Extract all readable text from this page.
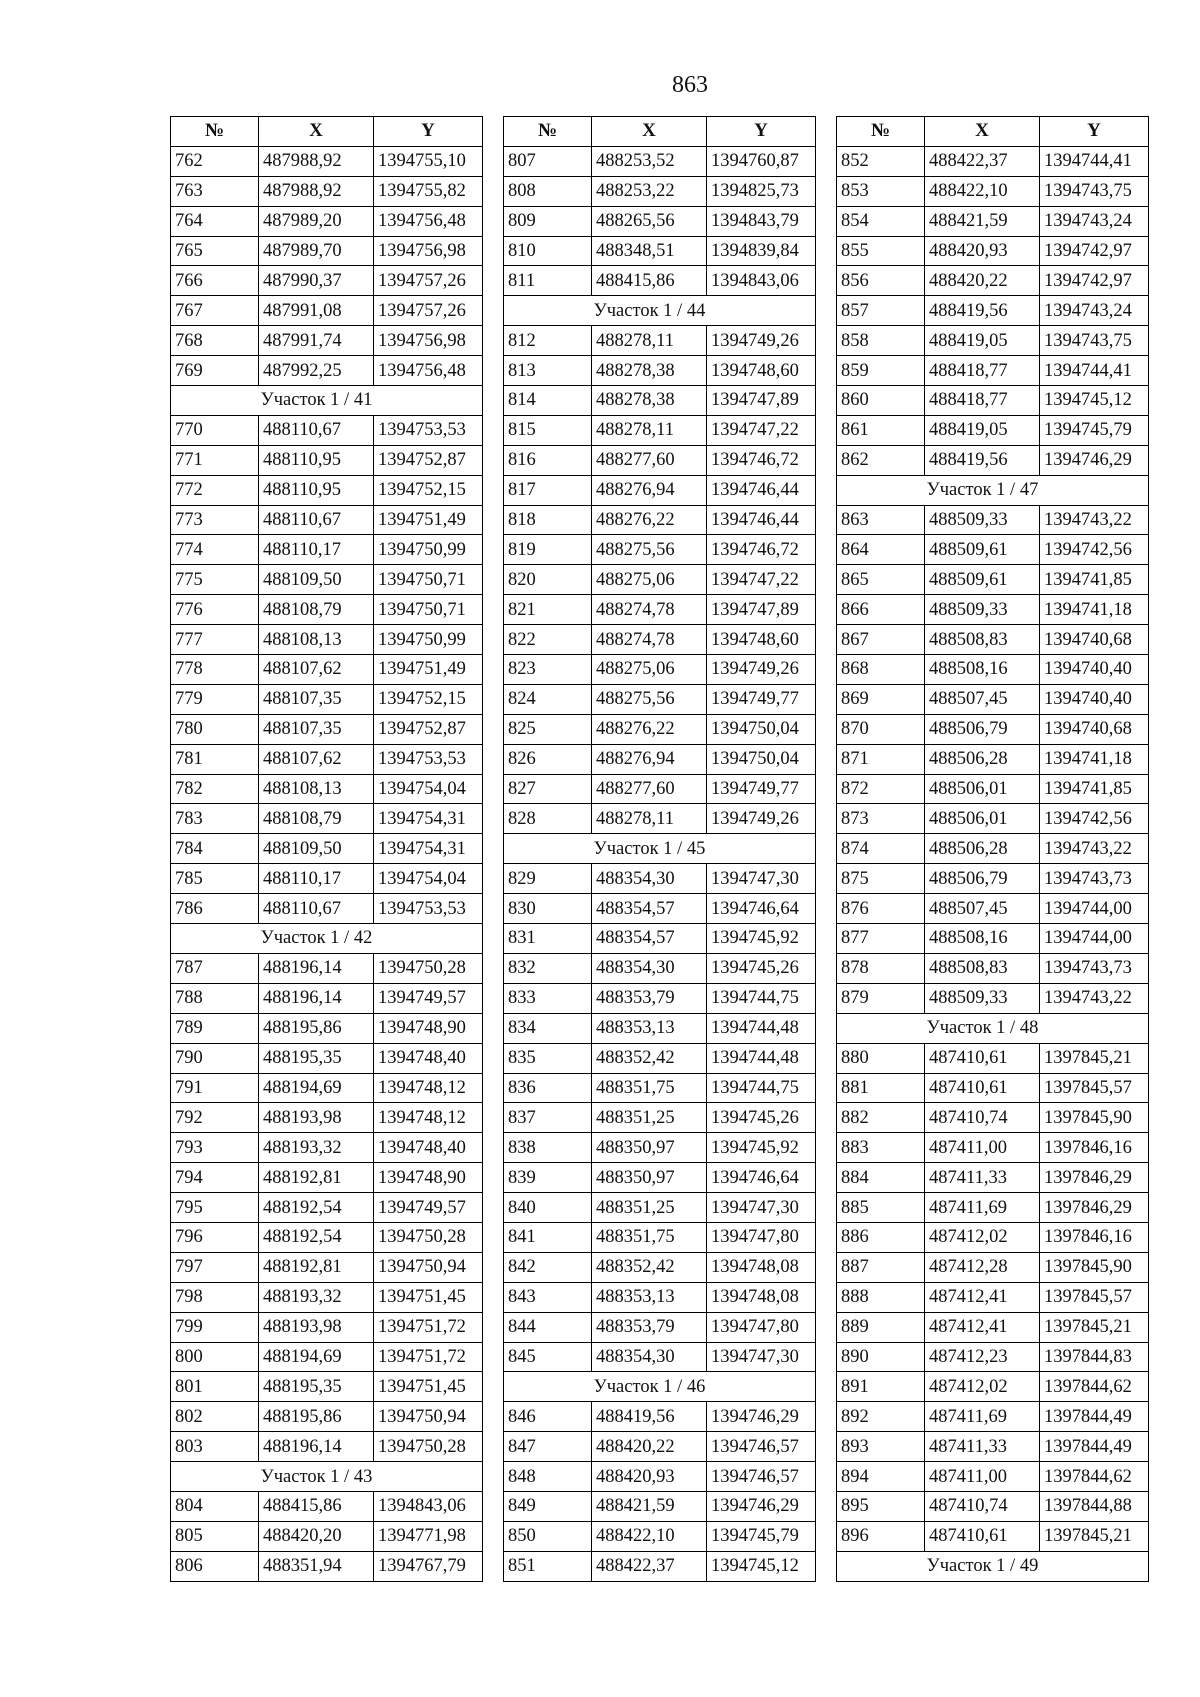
863
№	X	Y
762	487988,92	1394755,10
763	487988,92	1394755,82
764	487989,20	1394756,48
765	487989,70	1394756,98
766	487990,37	1394757,26
767	487991,08	1394757,26
768	487991,74	1394756,98
769	487992,25	1394756,48
Участок 1 / 41		
770	488110,67	1394753,53
771	488110,95	1394752,87
772	488110,95	1394752,15
773	488110,67	1394751,49
774	488110,17	1394750,99
775	488109,50	1394750,71
776	488108,79	1394750,71
777	488108,13	1394750,99
778	488107,62	1394751,49
779	488107,35	1394752,15
780	488107,35	1394752,87
781	488107,62	1394753,53
782	488108,13	1394754,04
783	488108,79	1394754,31
784	488109,50	1394754,31
785	488110,17	1394754,04
786	488110,67	1394753,53
Участок 1 / 42		
787	488196,14	1394750,28
788	488196,14	1394749,57
789	488195,86	1394748,90
790	488195,35	1394748,40
791	488194,69	1394748,12
792	488193,98	1394748,12
793	488193,32	1394748,40
794	488192,81	1394748,90
795	488192,54	1394749,57
796	488192,54	1394750,28
797	488192,81	1394750,94
798	488193,32	1394751,45
799	488193,98	1394751,72
800	488194,69	1394751,72
801	488195,35	1394751,45
802	488195,86	1394750,94
803	488196,14	1394750,28
Участок 1 / 43		
804	488415,86	1394843,06
805	488420,20	1394771,98
806	488351,94	1394767,79
№	X	Y
807	488253,52	1394760,87
808	488253,22	1394825,73
809	488265,56	1394843,79
810	488348,51	1394839,84
811	488415,86	1394843,06
Участок 1 / 44		
812	488278,11	1394749,26
813	488278,38	1394748,60
814	488278,38	1394747,89
815	488278,11	1394747,22
816	488277,60	1394746,72
817	488276,94	1394746,44
818	488276,22	1394746,44
819	488275,56	1394746,72
820	488275,06	1394747,22
821	488274,78	1394747,89
822	488274,78	1394748,60
823	488275,06	1394749,26
824	488275,56	1394749,77
825	488276,22	1394750,04
826	488276,94	1394750,04
827	488277,60	1394749,77
828	488278,11	1394749,26
Участок 1 / 45		
829	488354,30	1394747,30
830	488354,57	1394746,64
831	488354,57	1394745,92
832	488354,30	1394745,26
833	488353,79	1394744,75
834	488353,13	1394744,48
835	488352,42	1394744,48
836	488351,75	1394744,75
837	488351,25	1394745,26
838	488350,97	1394745,92
839	488350,97	1394746,64
840	488351,25	1394747,30
841	488351,75	1394747,80
842	488352,42	1394748,08
843	488353,13	1394748,08
844	488353,79	1394747,80
845	488354,30	1394747,30
Участок 1 / 46		
846	488419,56	1394746,29
847	488420,22	1394746,57
848	488420,93	1394746,57
849	488421,59	1394746,29
850	488422,10	1394745,79
851	488422,37	1394745,12
№	X	Y
852	488422,37	1394744,41
853	488422,10	1394743,75
854	488421,59	1394743,24
855	488420,93	1394742,97
856	488420,22	1394742,97
857	488419,56	1394743,24
858	488419,05	1394743,75
859	488418,77	1394744,41
860	488418,77	1394745,12
861	488419,05	1394745,79
862	488419,56	1394746,29
Участок 1 / 47		
863	488509,33	1394743,22
864	488509,61	1394742,56
865	488509,61	1394741,85
866	488509,33	1394741,18
867	488508,83	1394740,68
868	488508,16	1394740,40
869	488507,45	1394740,40
870	488506,79	1394740,68
871	488506,28	1394741,18
872	488506,01	1394741,85
873	488506,01	1394742,56
874	488506,28	1394743,22
875	488506,79	1394743,73
876	488507,45	1394744,00
877	488508,16	1394744,00
878	488508,83	1394743,73
879	488509,33	1394743,22
Участок 1 / 48		
880	487410,61	1397845,21
881	487410,61	1397845,57
882	487410,74	1397845,90
883	487411,00	1397846,16
884	487411,33	1397846,29
885	487411,69	1397846,29
886	487412,02	1397846,16
887	487412,28	1397845,90
888	487412,41	1397845,57
889	487412,41	1397845,21
890	487412,23	1397844,83
891	487412,02	1397844,62
892	487411,69	1397844,49
893	487411,33	1397844,49
894	487411,00	1397844,62
895	487410,74	1397844,88
896	487410,61	1397845,21
Участок 1 / 49		
